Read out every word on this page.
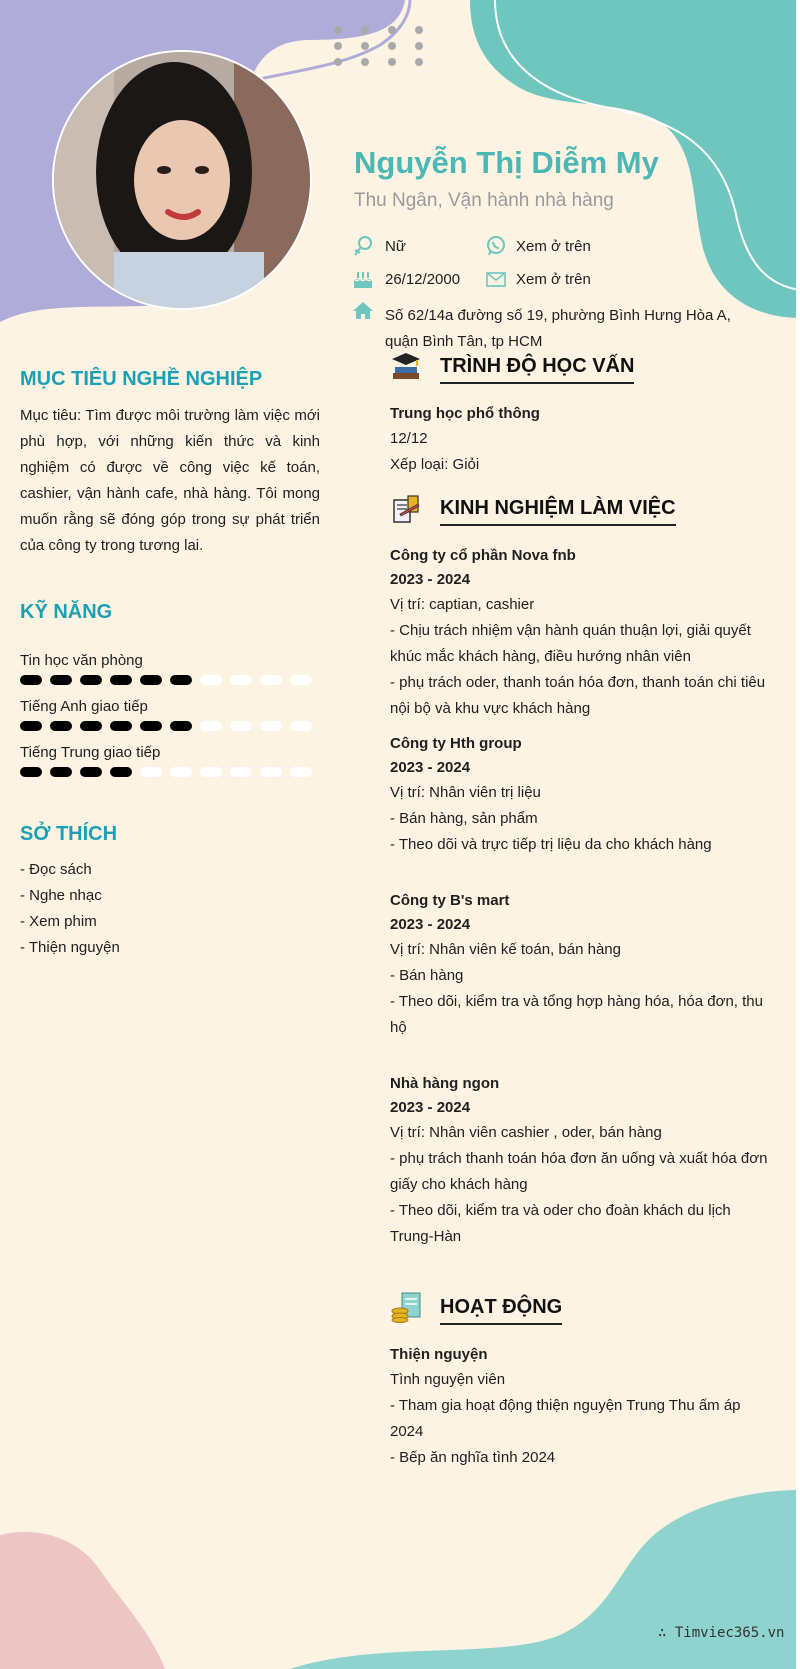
Nguyễn Thị Diễm My
Thu Ngân, Vận hành nhà hàng
Nữ	Xem ở trên
26/12/2000	Xem ở trên
Số 62/14a đường số 19, phường Bình Hưng Hòa A, quận Bình Tân, tp HCM
MỤC TIÊU NGHỀ NGHIỆP
Mục tiêu: Tìm được môi trường làm việc mới phù hợp, với những kiến thức và kinh nghiệm có được về công việc kế toán, cashier, vận hành cafe, nhà hàng. Tôi mong muốn rằng sẽ đóng góp trong sự phát triển của công ty trong tương lai.
KỸ NĂNG
Tin học văn phòng
Tiếng Anh giao tiếp
Tiếng Trung giao tiếp
SỞ THÍCH
- Đọc sách
- Nghe nhạc
- Xem phim
- Thiện nguyện
TRÌNH ĐỘ HỌC VẤN
Trung học phổ thông
12/12
Xếp loại: Giỏi
KINH NGHIỆM LÀM VIỆC
Công ty cổ phần Nova fnb
2023 - 2024
Vị trí: captian, cashier
- Chịu trách nhiệm vận hành quán thuận lợi, giải quyết khúc mắc khách hàng, điều hướng nhân viên
- phụ trách oder, thanh toán hóa đơn, thanh toán chi tiêu nội bộ và khu vực khách hàng
Công ty Hth group
2023 - 2024
Vị trí: Nhân viên trị liệu
- Bán hàng, sản phẩm
- Theo dõi và trực tiếp trị liệu da cho khách hàng
Công ty B's mart
2023 - 2024
Vị trí: Nhân viên kế toán, bán hàng
- Bán hàng
- Theo dõi, kiểm tra và tổng hợp hàng hóa, hóa đơn, thu hộ
Nhà hàng ngon
2023 - 2024
Vị trí: Nhân viên cashier , oder, bán hàng
- phụ trách thanh toán hóa đơn ăn uống và xuất hóa đơn giấy cho khách hàng
- Theo dõi, kiểm tra và oder cho đoàn khách du lịch Trung-Hàn
HOẠT ĐỘNG
Thiện nguyện
Tình nguyện viên
- Tham gia hoạt động thiện nguyện Trung Thu ấm áp 2024
- Bếp ăn nghĩa tình 2024
∴ Timviec365.vn
